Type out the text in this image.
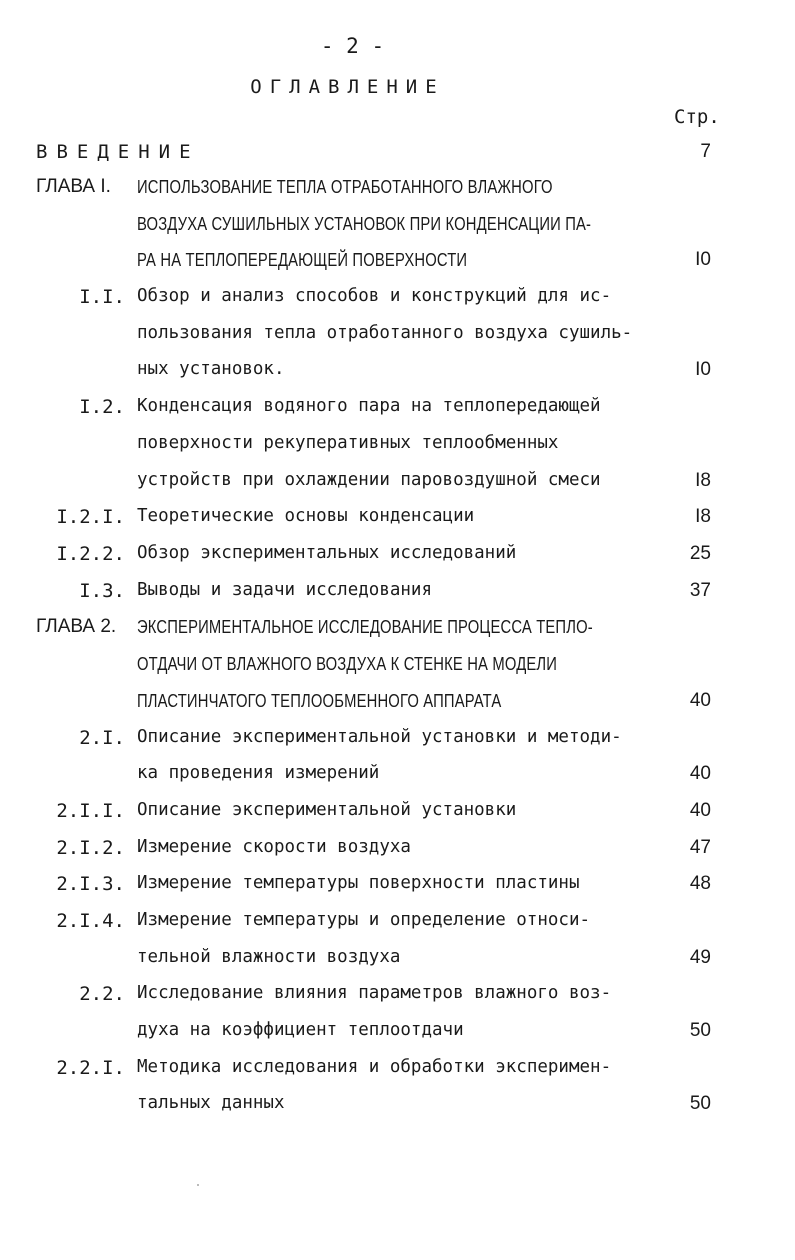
- 2 -
ОГЛАВЛЕНИЕ
Стр.
ВВЕДЕНИЕ	7
ГЛАВА I. ИСПОЛЬЗОВАНИЕ ТЕПЛА ОТРАБОТАННОГО ВЛАЖНОГО
ВОЗДУХА СУШИЛЬНЫХ УСТАНОВОК ПРИ КОНДЕНСАЦИИ ПА-
РА НА ТЕПЛОПЕРЕДАЮЩЕЙ ПОВЕРХНОСТИ	I0
I.I. Обзор и анализ способов и конструкций для ис-
пользования тепла отработанного воздуха сушиль-
ных установок.	I0
I.2. Конденсация водяного пара на теплопередающей
поверхности рекуперативных теплообменных
устройств при охлаждении паровоздушной смеси	I8
I.2.I. Теоретические основы конденсации	I8
I.2.2. Обзор экспериментальных исследований	25
I.3. Выводы и задачи исследования	37
ГЛАВА 2. ЭКСПЕРИМЕНТАЛЬНОЕ ИССЛЕДОВАНИЕ ПРОЦЕССА ТЕПЛО-
ОТДАЧИ ОТ ВЛАЖНОГО ВОЗДУХА К СТЕНКЕ НА МОДЕЛИ
ПЛАСТИНЧАТОГО ТЕПЛООБМЕННОГО АППАРАТА	40
2.I. Описание экспериментальной установки и методи-
ка проведения измерений	40
2.I.I. Описание экспериментальной установки	40
2.I.2. Измерение скорости воздуха	47
2.I.3. Измерение температуры поверхности пластины	48
2.I.4. Измерение температуры и определение относи-
тельной влажности воздуха	49
2.2. Исследование влияния параметров влажного воз-
духа на коэффициент теплоотдачи	50
2.2.I. Методика исследования и обработки эксперимен-
тальных данных	50
